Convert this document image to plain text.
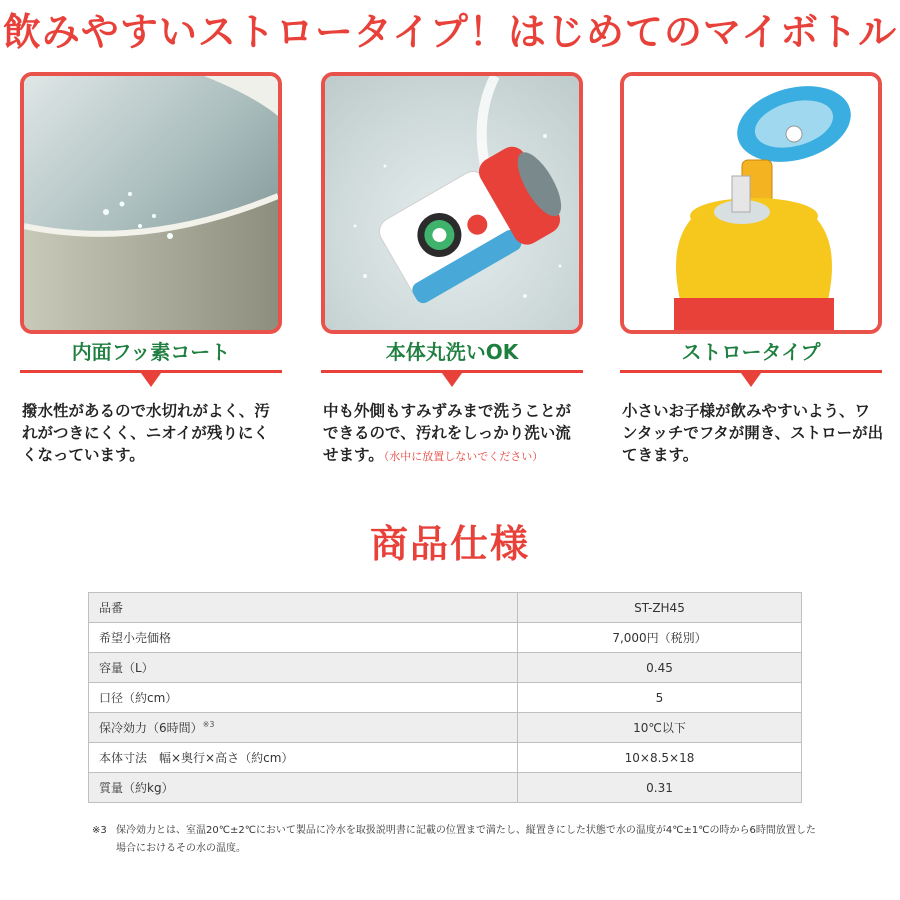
飲みやすいストロータイプ！はじめてのマイボトル
内面フッ素コート
撥水性があるので水切れがよく、汚れがつきにくく、ニオイが残りにくくなっています。
本体丸洗いOK
中も外側もすみずみまで洗うことができるので、汚れをしっかり洗い流せます。（水中に放置しないでください）
ストロータイプ
小さいお子様が飲みやすいよう、ワンタッチでフタが開き、ストローが出てきます。
商品仕様
品番	ST-ZH45
希望小売価格	7,000円（税別）
容量（L）	0.45
口径（約cm）	5
保冷効力（6時間）$^{※3}$	10℃以下
本体寸法　幅×奥行×高さ（約cm）	10×8.5×18
質量（約kg）	0.31
※3 保冷効力とは、室温20℃±2℃において製品に冷水を取扱説明書に記載の位置まで満たし、縦置きにした状態で水の温度が4℃±1℃の時から6時間放置した場合におけるその水の温度。
